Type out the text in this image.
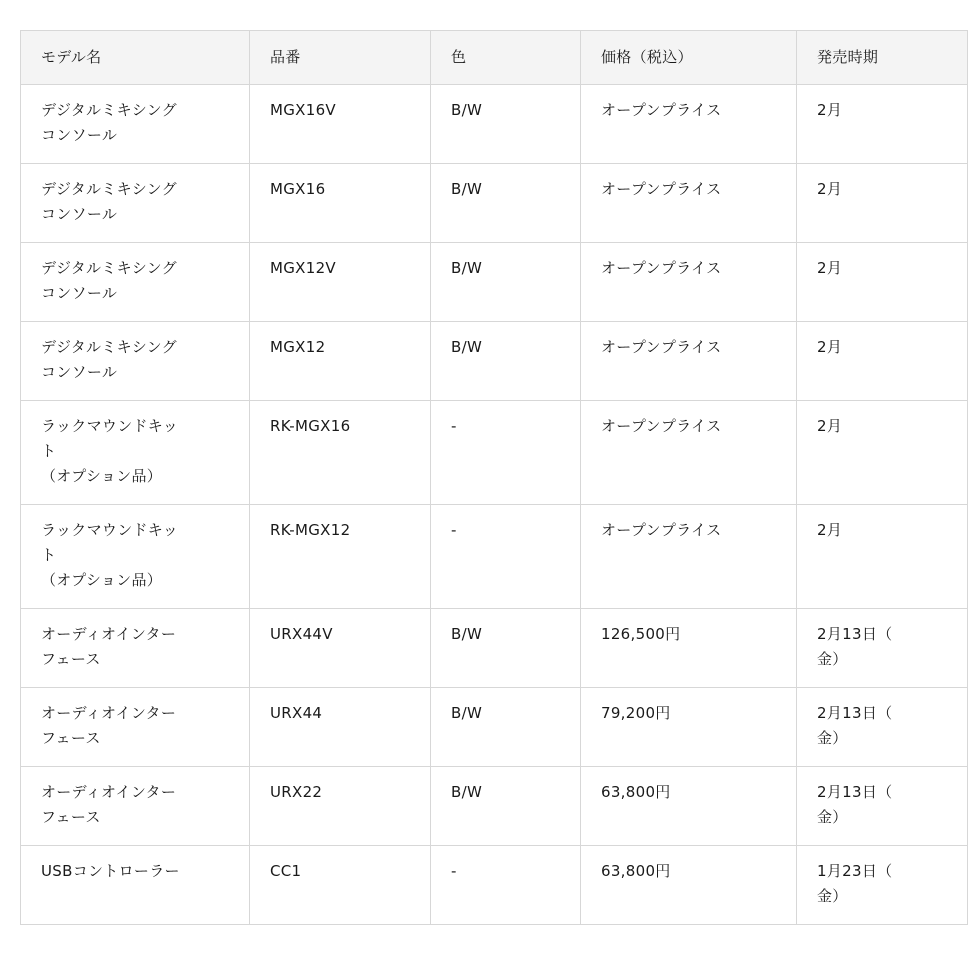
モデル名	品番	色	価格（税込）	発売時期

デジタルミキシング
コンソール	MGX16V	B/W	オープンプライス	2月

デジタルミキシング
コンソール	MGX16	B/W	オープンプライス	2月

デジタルミキシング
コンソール	MGX12V	B/W	オープンプライス	2月

デジタルミキシング
コンソール	MGX12	B/W	オープンプライス	2月

ラックマウンドキッ
ト
（オプション品）	RK-MGX16	-	オープンプライス	2月

ラックマウンドキッ
ト
（オプション品）	RK-MGX12	-	オープンプライス	2月

オーディオインター
フェース	URX44V	B/W	126,500円	2月13日（
金）

オーディオインター
フェース	URX44	B/W	79,200円	2月13日（
金）

オーディオインター
フェース	URX22	B/W	63,800円	2月13日（
金）

USBコントローラー	CC1	-	63,800円	1月23日（
金）
